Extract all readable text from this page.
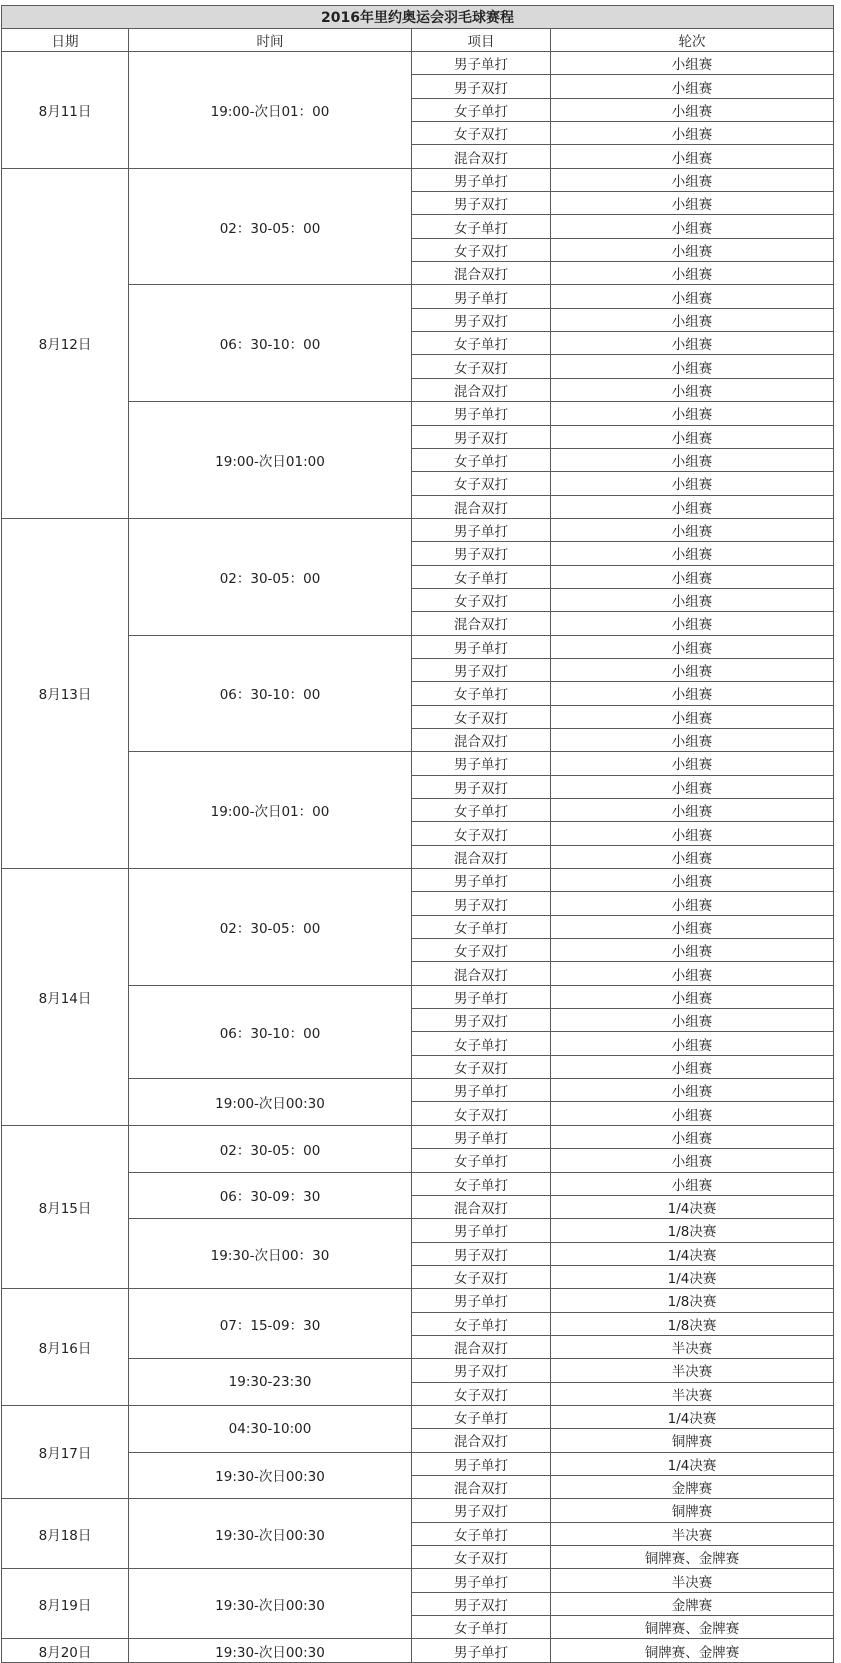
2016年里约奥运会羽毛球赛程			
日期	时间	项目	轮次
8月11日	19:00-次日01：00	男子单打	小组赛
		男子双打	小组赛
		女子单打	小组赛
		女子双打	小组赛
		混合双打	小组赛
8月12日	02：30-05：00	男子单打	小组赛
		男子双打	小组赛
		女子单打	小组赛
		女子双打	小组赛
		混合双打	小组赛
	06：30-10：00	男子单打	小组赛
		男子双打	小组赛
		女子单打	小组赛
		女子双打	小组赛
		混合双打	小组赛
	19:00-次日01:00	男子单打	小组赛
		男子双打	小组赛
		女子单打	小组赛
		女子双打	小组赛
		混合双打	小组赛
8月13日	02：30-05：00	男子单打	小组赛
		男子双打	小组赛
		女子单打	小组赛
		女子双打	小组赛
		混合双打	小组赛
	06：30-10：00	男子单打	小组赛
		男子双打	小组赛
		女子单打	小组赛
		女子双打	小组赛
		混合双打	小组赛
	19:00-次日01：00	男子单打	小组赛
		男子双打	小组赛
		女子单打	小组赛
		女子双打	小组赛
		混合双打	小组赛
8月14日	02：30-05：00	男子单打	小组赛
		男子双打	小组赛
		女子单打	小组赛
		女子双打	小组赛
		混合双打	小组赛
	06：30-10：00	男子单打	小组赛
		男子双打	小组赛
		女子单打	小组赛
		女子双打	小组赛
	19:00-次日00:30	男子单打	小组赛
		女子双打	小组赛
8月15日	02：30-05：00	男子单打	小组赛
		女子单打	小组赛
	06：30-09：30	女子单打	小组赛
		混合双打	1/4决赛
	19:30-次日00：30	男子单打	1/8决赛
		男子双打	1/4决赛
		女子双打	1/4决赛
8月16日	07：15-09：30	男子单打	1/8决赛
		女子单打	1/8决赛
		混合双打	半决赛
	19:30-23:30	男子双打	半决赛
		女子双打	半决赛
8月17日	04:30-10:00	女子单打	1/4决赛
		混合双打	铜牌赛
	19:30-次日00:30	男子单打	1/4决赛
		混合双打	金牌赛
8月18日	19:30-次日00:30	男子双打	铜牌赛
		女子单打	半决赛
		女子双打	铜牌赛、金牌赛
8月19日	19:30-次日00:30	男子单打	半决赛
		男子双打	金牌赛
		女子单打	铜牌赛、金牌赛
8月20日	19:30-次日00:30	男子单打	铜牌赛、金牌赛
